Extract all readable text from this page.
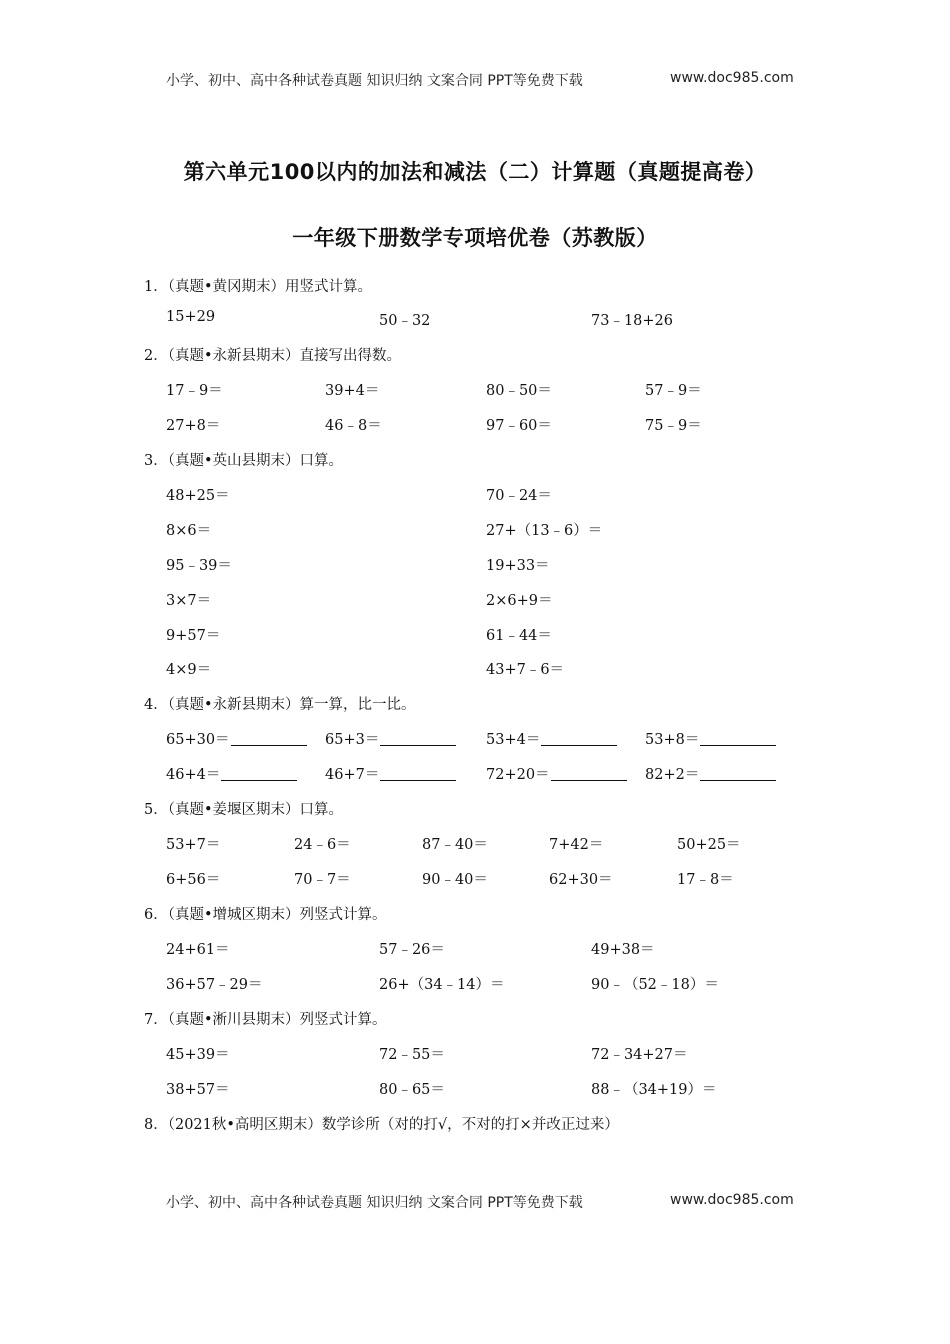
小学、初中、高中各种试卷真题 知识归纳 文案合同 PPT等免费下载	www.doc985.com
第六单元100以内的加法和减法（二）计算题（真题提高卷）
一年级下册数学专项培优卷（苏教版）
1．（真题•黄冈期末）用竖式计算。
15+29	50﹣32	73﹣18+26
2．（真题•永新县期末）直接写出得数。
17﹣9＝	39+4＝	80﹣50＝	57﹣9＝
27+8＝	46﹣8＝	97﹣60＝	75﹣9＝
3．（真题•英山县期末）口算。
48+25＝	70﹣24＝
8×6＝	27+（13﹣6）＝
95﹣39＝	19+33＝
3×7＝	2×6+9＝
9+57＝	61﹣44＝
4×9＝	43+7﹣6＝
4．（真题•永新县期末）算一算，比一比。
65+30＝	65+3＝	53+4＝	53+8＝
46+4＝	46+7＝	72+20＝	82+2＝
5．（真题•姜堰区期末）口算。
53+7＝	24﹣6＝	87﹣40＝	7+42＝	50+25＝
6+56＝	70﹣7＝	90﹣40＝	62+30＝	17﹣8＝
6．（真题•增城区期末）列竖式计算。
24+61＝	57﹣26＝	49+38＝
36+57﹣29＝	26+（34﹣14）＝	90﹣（52﹣18）＝
7．（真题•淅川县期末）列竖式计算。
45+39＝	72﹣55＝	72﹣34+27＝
38+57＝	80﹣65＝	88﹣（34+19）＝
8．（2021秋•高明区期末）数学诊所（对的打√，不对的打×并改正过来）
小学、初中、高中各种试卷真题 知识归纳 文案合同 PPT等免费下载	www.doc985.com
